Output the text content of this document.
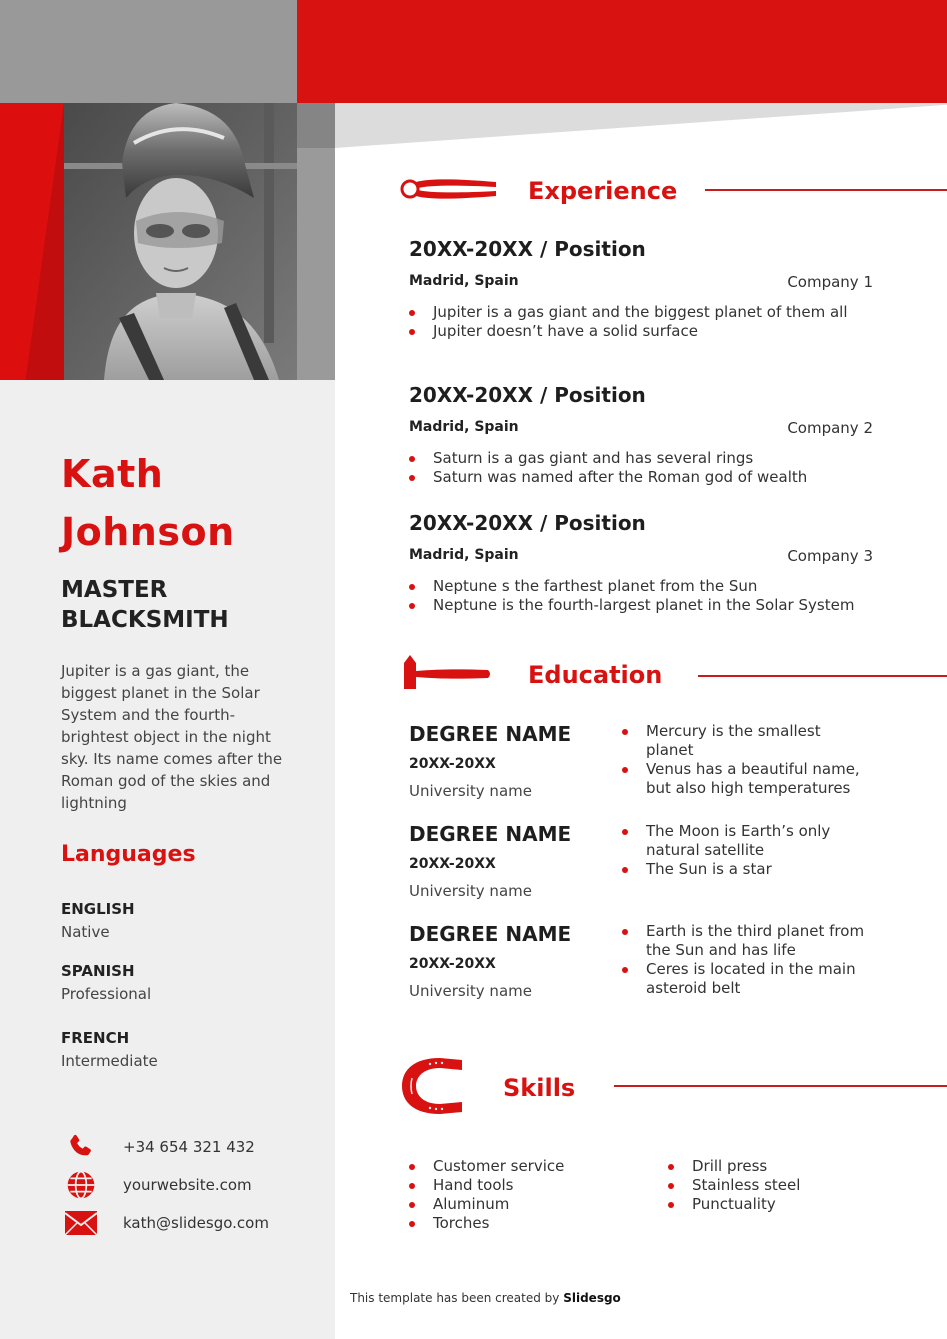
Kath
Johnson
MASTER
BLACKSMITH
Jupiter is a gas giant, the biggest planet in the Solar System and the fourth-brightest object in the night sky. Its name comes after the Roman god of the skies and lightning
Languages
ENGLISH
Native
SPANISH
Professional
FRENCH
Intermediate
+34 654 321 432
yourwebsite.com
kath@slidesgo.com
Experience
20XX-20XX / Position
Madrid, Spain	Company 1
Jupiter is a gas giant and the biggest planet of them all
Jupiter doesn’t have a solid surface
20XX-20XX / Position
Madrid, Spain	Company 2
Saturn is a gas giant and has several rings
Saturn was named after the Roman god of wealth
20XX-20XX / Position
Madrid, Spain	Company 3
Neptune s the farthest planet from the Sun
Neptune is the fourth-largest planet in the Solar System
Education
DEGREE NAME
20XX-20XX
University name
Mercury is the smallest planet
Venus has a beautiful name, but also high temperatures
DEGREE NAME
20XX-20XX
University name
The Moon is Earth’s only natural satellite
The Sun is a star
DEGREE NAME
20XX-20XX
University name
Earth is the third planet from the Sun and has life
Ceres is located in the main asteroid belt
Skills
Customer service
Hand tools
Aluminum
Torches
Drill press
Stainless steel
Punctuality
This template has been created by Slidesgo
